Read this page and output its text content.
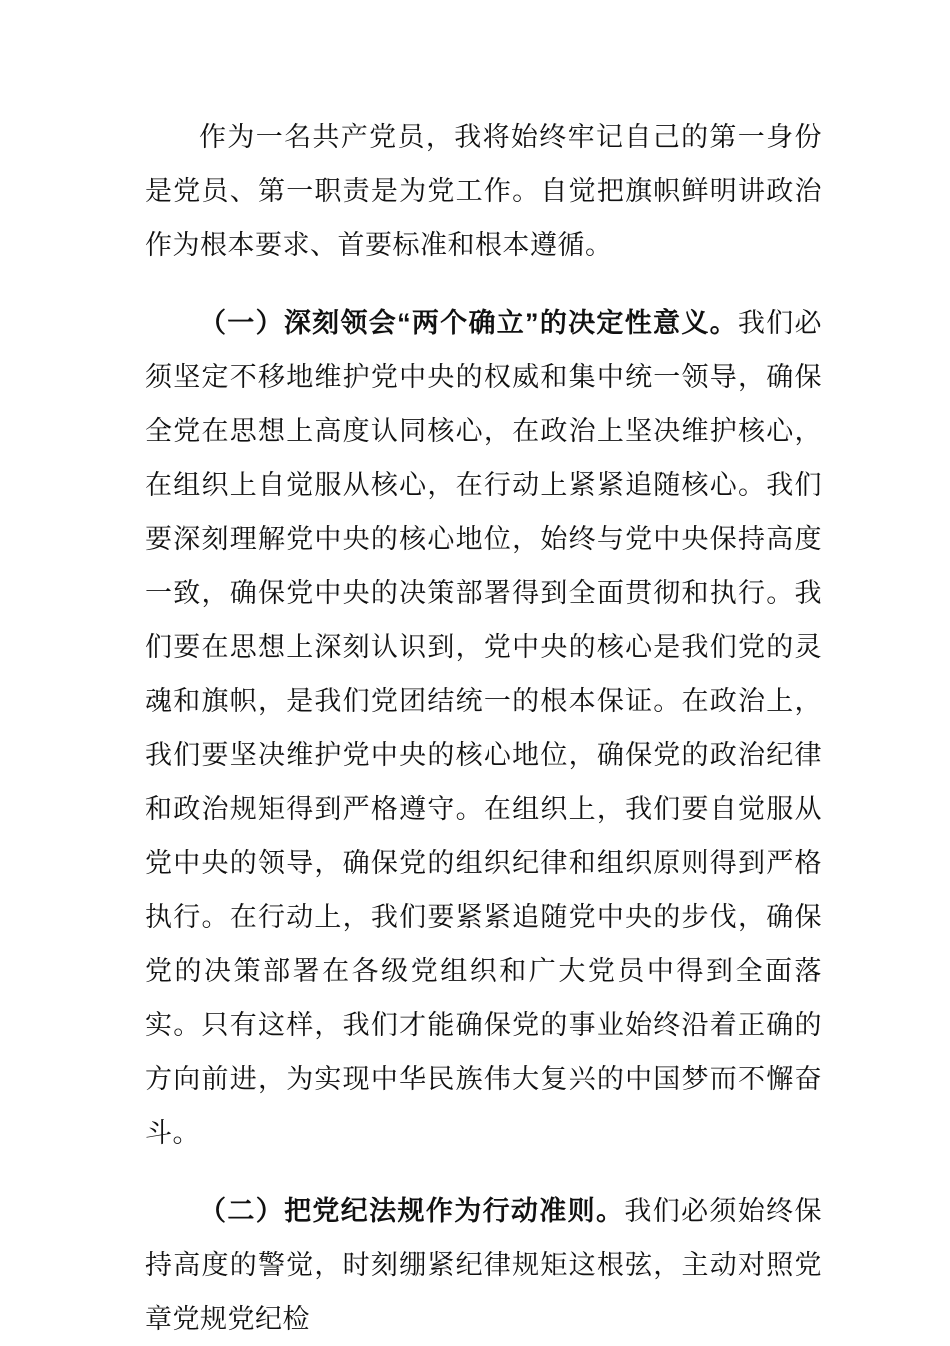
作为一名共产党员，我将始终牢记自己的第一身份是党员、第一职责是为党工作。自觉把旗帜鲜明讲政治作为根本要求、首要标准和根本遵循。

（一）深刻领会“两个确立”的决定性意义。我们必须坚定不移地维护党中央的权威和集中统一领导，确保全党在思想上高度认同核心，在政治上坚决维护核心，在组织上自觉服从核心，在行动上紧紧追随核心。我们要深刻理解党中央的核心地位，始终与党中央保持高度一致，确保党中央的决策部署得到全面贯彻和执行。我们要在思想上深刻认识到，党中央的核心是我们党的灵魂和旗帜，是我们党团结统一的根本保证。在政治上，我们要坚决维护党中央的核心地位，确保党的政治纪律和政治规矩得到严格遵守。在组织上，我们要自觉服从党中央的领导，确保党的组织纪律和组织原则得到严格执行。在行动上，我们要紧紧追随党中央的步伐，确保党的决策部署在各级党组织和广大党员中得到全面落实。只有这样，我们才能确保党的事业始终沿着正确的方向前进，为实现中华民族伟大复兴的中国梦而不懈奋斗。

（二）把党纪法规作为行动准则。我们必须始终保持高度的警觉，时刻绷紧纪律规矩这根弦，主动对照党章党规党纪检
